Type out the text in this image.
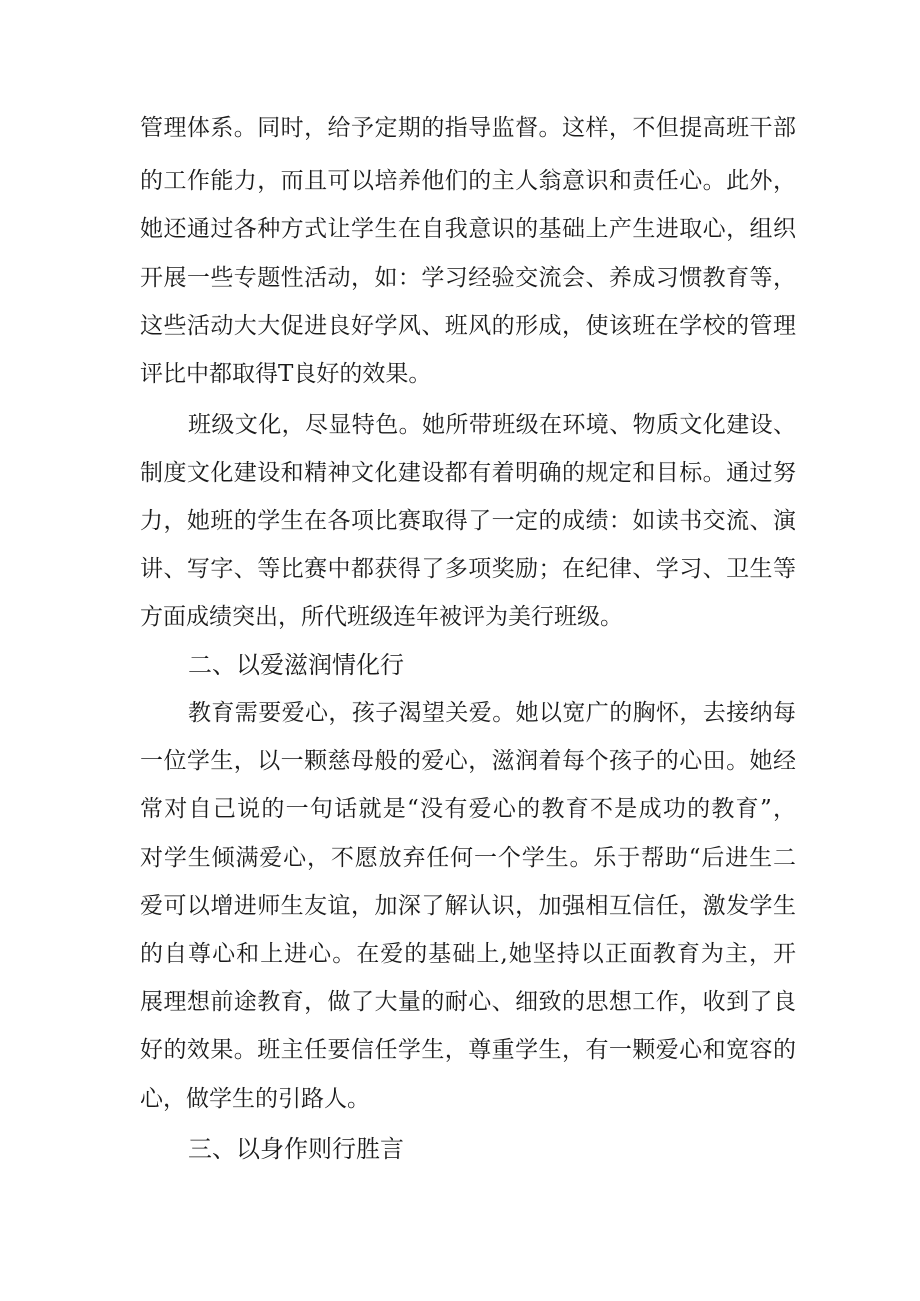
管理体系。同时，给予定期的指导监督。这样，不但提高班干部
的工作能力，而且可以培养他们的主人翁意识和责任心。此外，
她还通过各种方式让学生在自我意识的基础上产生进取心，组织
开展一些专题性活动，如：学习经验交流会、养成习惯教育等，
这些活动大大促进良好学风、班风的形成，使该班在学校的管理
评比中都取得T良好的效果。
班级文化，尽显特色。她所带班级在环境、物质文化建设、
制度文化建设和精神文化建设都有着明确的规定和目标。通过努
力，她班的学生在各项比赛取得了一定的成绩：如读书交流、演
讲、写字、等比赛中都获得了多项奖励；在纪律、学习、卫生等
方面成绩突出，所代班级连年被评为美行班级。
二、以爱滋润情化行
教育需要爱心，孩子渴望关爱。她以宽广的胸怀，去接纳每
一位学生，以一颗慈母般的爱心，滋润着每个孩子的心田。她经
常对自己说的一句话就是“没有爱心的教育不是成功的教育”，
对学生倾满爱心，不愿放弃任何一个学生。乐于帮助“后进生二
爱可以增进师生友谊，加深了解认识，加强相互信任，激发学生
的自尊心和上进心。在爱的基础上,她坚持以正面教育为主，开
展理想前途教育，做了大量的耐心、细致的思想工作，收到了良
好的效果。班主任要信任学生，尊重学生，有一颗爱心和宽容的
心，做学生的引路人。
三、以身作则行胜言
